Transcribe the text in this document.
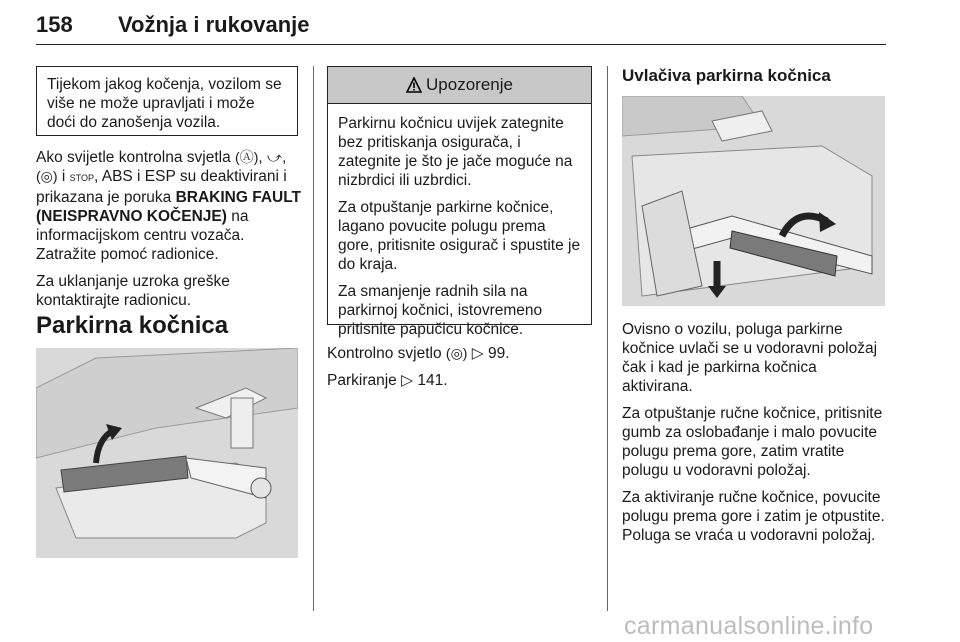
158 Vožnja i rukovanje
Tijekom jakog kočenja, vozilom se više ne može upravljati i može doći do zanošenja vozila.

Ako svijetle kontrolna svjetla (Ⓐ), ⤻, (◎) i STOP, ABS i ESP su deaktivirani i prikazana je poruka BRAKING FAULT (NEISPRAVNO KOČENJE) na informacijskom centru vozača. Zatražite pomoć radionice.

Za uklanjanje uzroka greške kontaktirajte radionicu.

Parkirna kočnica
Upozorenje

Parkirnu kočnicu uvijek zategnite bez pritiskanja osigurača, i zategnite je što je jače moguće na nizbrdici ili uzbrdici.

Za otpuštanje parkirne kočnice, lagano povucite polugu prema gore, pritisnite osigurač i spustite je do kraja.

Za smanjenje radnih sila na parkirnoj kočnici, istovremeno pritisnite papučicu kočnice.

Kontrolno svjetlo (◎) ▷ 99.

Parkiranje ▷ 141.

Uvlačiva parkirna kočnica

Ovisno o vozilu, poluga parkirne kočnice uvlači se u vodoravni položaj čak i kad je parkirna kočnica aktivirana.

Za otpuštanje ručne kočnice, pritisnite gumb za oslobađanje i malo povucite polugu prema gore, zatim vratite polugu u vodoravni položaj.

Za aktiviranje ručne kočnice, povucite polugu prema gore i zatim je otpustite. Poluga se vraća u vodoravni položaj.

carmanualsonline.info
